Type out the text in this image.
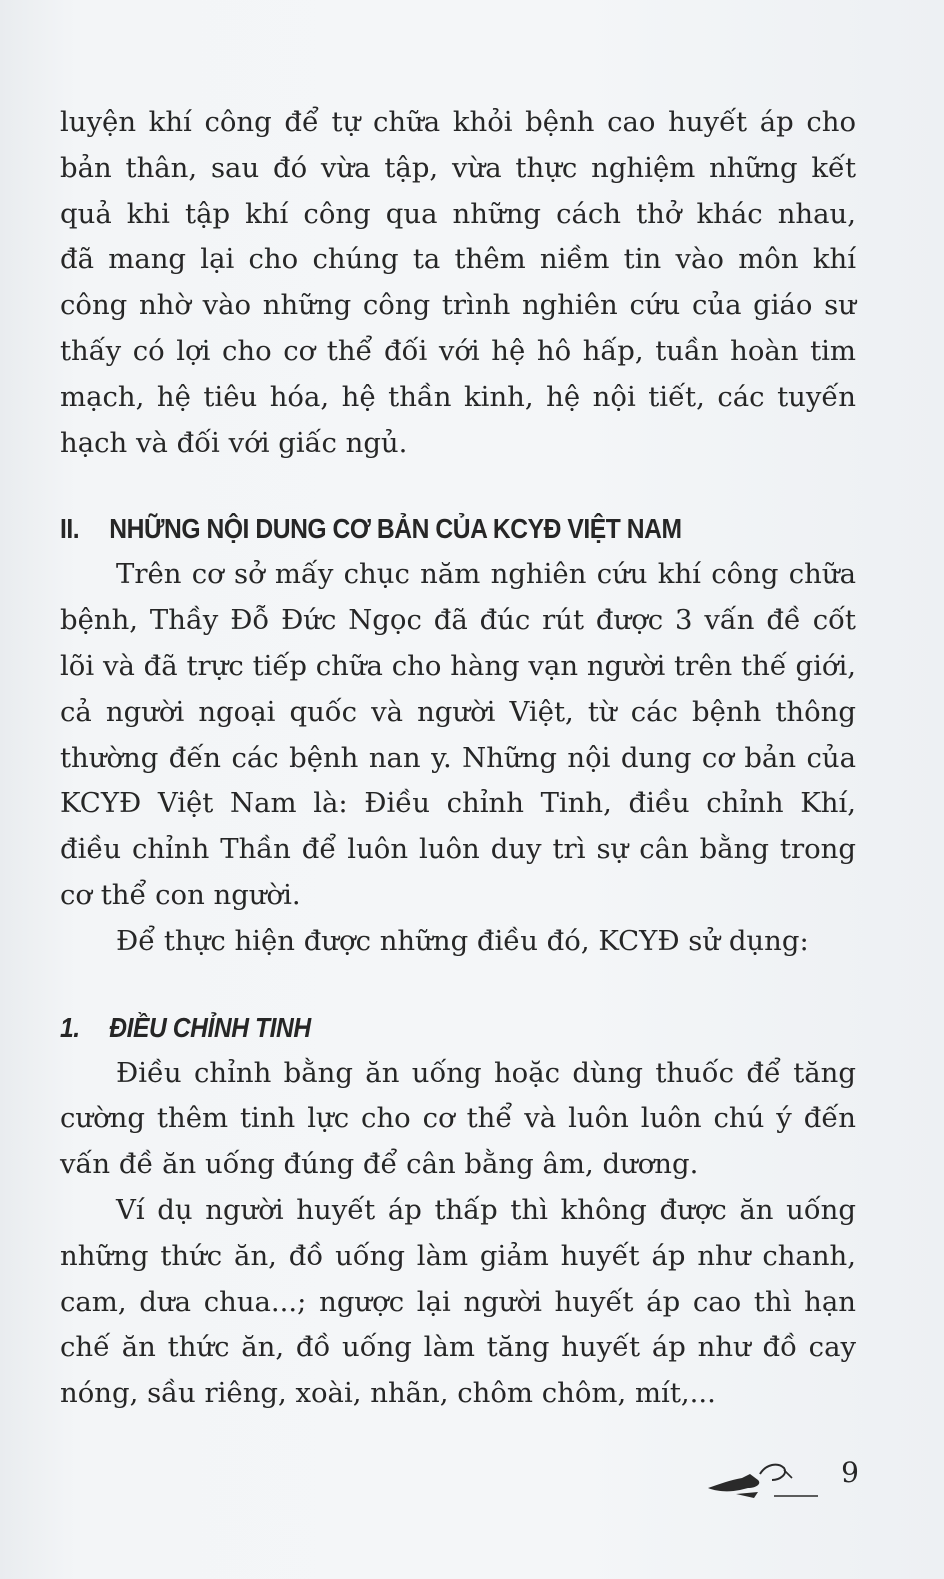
luyện khí công để tự chữa khỏi bệnh cao huyết áp cho
bản thân, sau đó vừa tập, vừa thực nghiệm những kết
quả khi tập khí công qua những cách thở khác nhau,
đã mang lại cho chúng ta thêm niềm tin vào môn khí
công nhờ vào những công trình nghiên cứu của giáo sư
thấy có lợi cho cơ thể đối với hệ hô hấp, tuần hoàn tim
mạch, hệ tiêu hóa, hệ thần kinh, hệ nội tiết, các tuyến
hạch và đối với giấc ngủ.

II. NHỮNG NỘI DUNG CƠ BẢN CỦA KCYĐ VIỆT NAM

Trên cơ sở mấy chục năm nghiên cứu khí công chữa
bệnh, Thầy Đỗ Đức Ngọc đã đúc rút được 3 vấn đề cốt
lõi và đã trực tiếp chữa cho hàng vạn người trên thế giới,
cả người ngoại quốc và người Việt, từ các bệnh thông
thường đến các bệnh nan y. Những nội dung cơ bản của
KCYĐ Việt Nam là: Điều chỉnh Tinh, điều chỉnh Khí,
điều chỉnh Thần để luôn luôn duy trì sự cân bằng trong
cơ thể con người.

Để thực hiện được những điều đó, KCYĐ sử dụng:

1. ĐIỀU CHỈNH TINH

Điều chỉnh bằng ăn uống hoặc dùng thuốc để tăng
cường thêm tinh lực cho cơ thể và luôn luôn chú ý đến
vấn đề ăn uống đúng để cân bằng âm, dương.

Ví dụ người huyết áp thấp thì không được ăn uống
những thức ăn, đồ uống làm giảm huyết áp như chanh,
cam, dưa chua...; ngược lại người huyết áp cao thì hạn
chế ăn thức ăn, đồ uống làm tăng huyết áp như đồ cay
nóng, sầu riêng, xoài, nhãn, chôm chôm, mít,...

9
